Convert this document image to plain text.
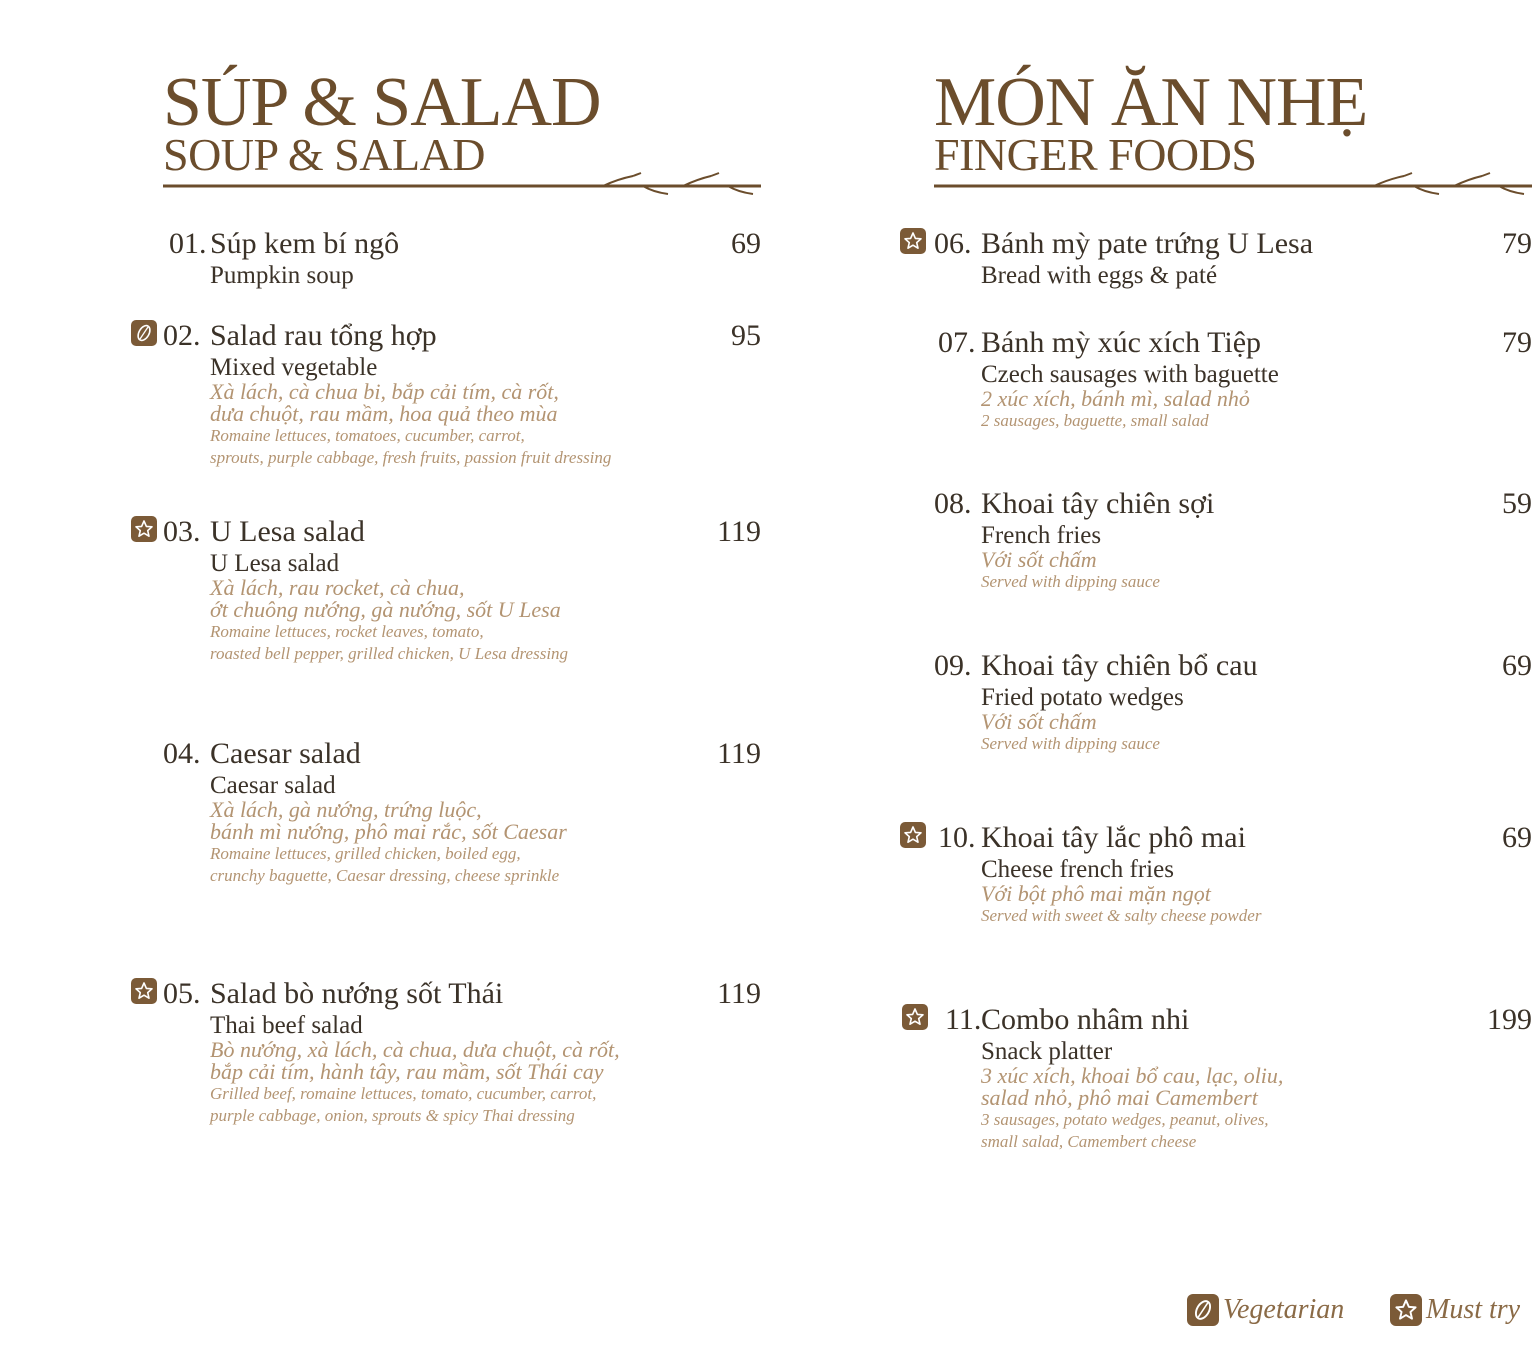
SÚP & SALAD
SOUP & SALAD
01. Súp kem bí ngô	69
Pumpkin soup
02. Salad rau tổng hợp	95
Mixed vegetable
Xà lách, cà chua bi, bắp cải tím, cà rốt,
dưa chuột, rau mầm, hoa quả theo mùa
Romaine lettuces, tomatoes, cucumber, carrot,
sprouts, purple cabbage, fresh fruits, passion fruit dressing
03. U Lesa salad	119
U Lesa salad
Xà lách, rau rocket, cà chua,
ớt chuông nướng, gà nướng, sốt U Lesa
Romaine lettuces, rocket leaves, tomato,
roasted bell pepper, grilled chicken, U Lesa dressing
04. Caesar salad	119
Caesar salad
Xà lách, gà nướng, trứng luộc,
bánh mì nướng, phô mai rắc, sốt Caesar
Romaine lettuces, grilled chicken, boiled egg,
crunchy baguette, Caesar dressing, cheese sprinkle
05. Salad bò nướng sốt Thái	119
Thai beef salad
Bò nướng, xà lách, cà chua, dưa chuột, cà rốt,
bắp cải tím, hành tây, rau mầm, sốt Thái cay
Grilled beef, romaine lettuces, tomato, cucumber, carrot,
purple cabbage, onion, sprouts & spicy Thai dressing
MÓN ĂN NHẸ
FINGER FOODS
06. Bánh mỳ pate trứng U Lesa	79
Bread with eggs & paté
07. Bánh mỳ xúc xích Tiệp	79
Czech sausages with baguette
2 xúc xích, bánh mì, salad nhỏ
2 sausages, baguette, small salad
08. Khoai tây chiên sợi	59
French fries
Với sốt chấm
Served with dipping sauce
09. Khoai tây chiên bổ cau	69
Fried potato wedges
Với sốt chấm
Served with dipping sauce
10. Khoai tây lắc phô mai	69
Cheese french fries
Với bột phô mai mặn ngọt
Served with sweet & salty cheese powder
11. Combo nhâm nhi	199
Snack platter
3 xúc xích, khoai bổ cau, lạc, oliu,
salad nhỏ, phô mai Camembert
3 sausages, potato wedges, peanut, olives,
small salad, Camembert cheese
Vegetarian	Must try
